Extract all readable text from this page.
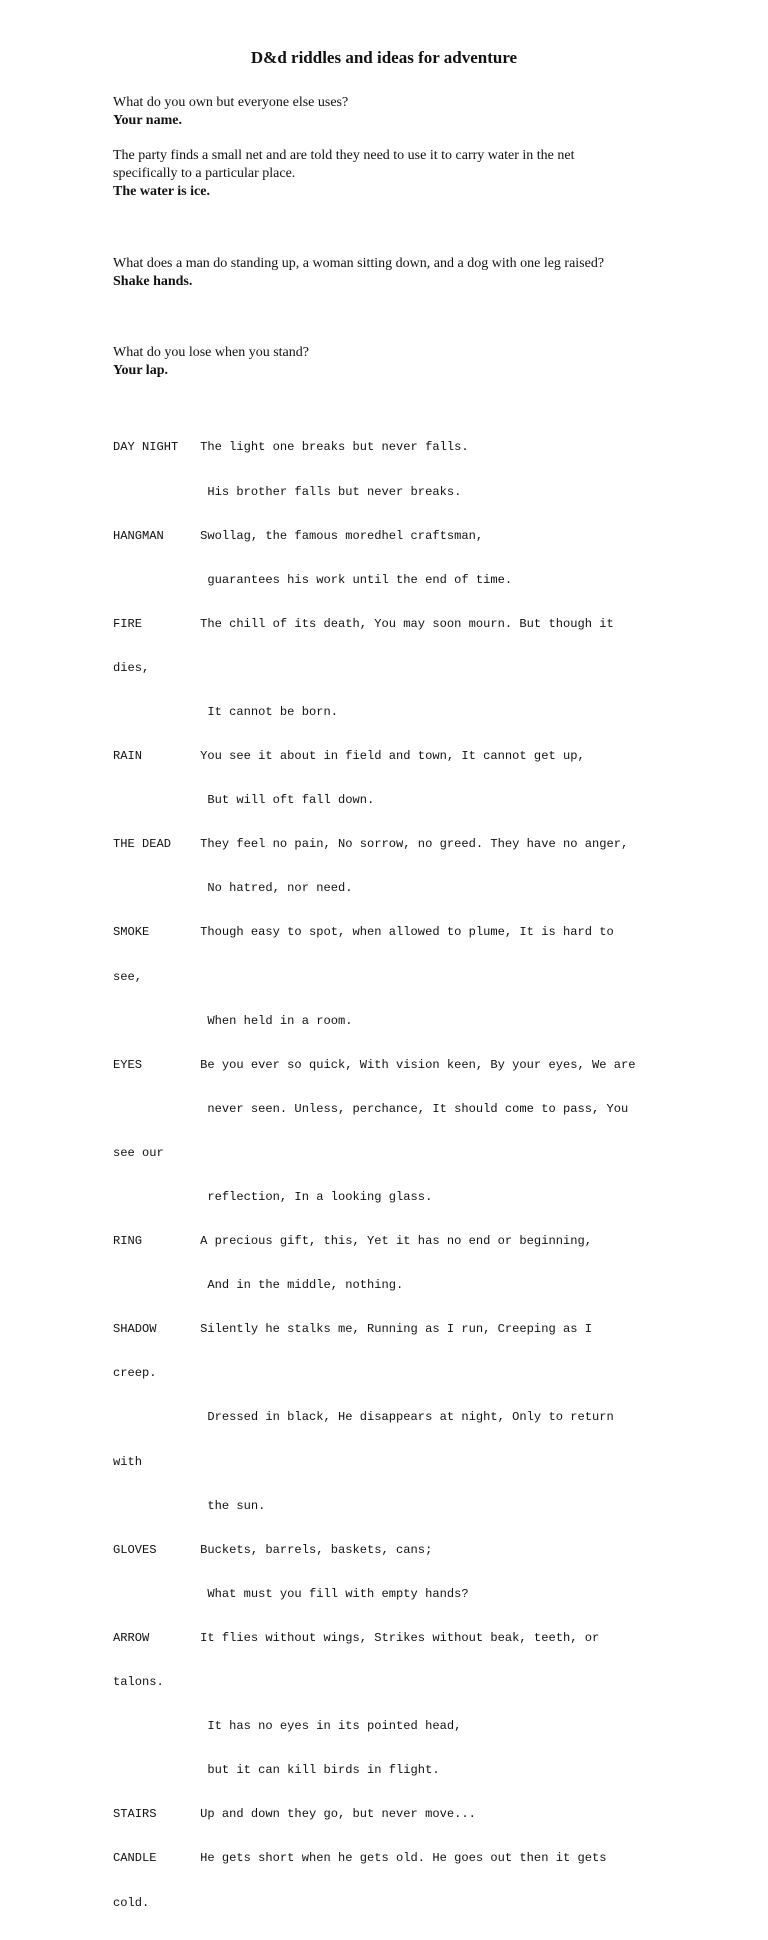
D&d riddles and ideas for adventure
What do you own but everyone else uses?
Your name.
The party finds a small net and are told they need to use it to carry water in the net
specifically to a particular place.
The water is ice.
What does a man do standing up, a woman sitting down, and a dog with one leg raised?
Shake hands.
What do you lose when you stand?
Your lap.

DAY NIGHT   The light one breaks but never falls.

His brother falls but never breaks.

HANGMAN     Swollag, the famous moredhel craftsman,

guarantees his work until the end of time.

FIRE        The chill of its death, You may soon mourn. But though it

dies,

It cannot be born.

RAIN        You see it about in field and town, It cannot get up,

But will oft fall down.

THE DEAD    They feel no pain, No sorrow, no greed. They have no anger,

No hatred, nor need.

SMOKE       Though easy to spot, when allowed to plume, It is hard to

see,

When held in a room.

EYES        Be you ever so quick, With vision keen, By your eyes, We are

never seen. Unless, perchance, It should come to pass, You

see our

reflection, In a looking glass.

RING        A precious gift, this, Yet it has no end or beginning,

And in the middle, nothing.

SHADOW      Silently he stalks me, Running as I run, Creeping as I

creep.

Dressed in black, He disappears at night, Only to return

with

the sun.

GLOVES      Buckets, barrels, baskets, cans;

What must you fill with empty hands?

ARROW       It flies without wings, Strikes without beak, teeth, or

talons.

It has no eyes in its pointed head,

but it can kill birds in flight.

STAIRS      Up and down they go, but never move...

CANDLE      He gets short when he gets old. He goes out then it gets

cold.
